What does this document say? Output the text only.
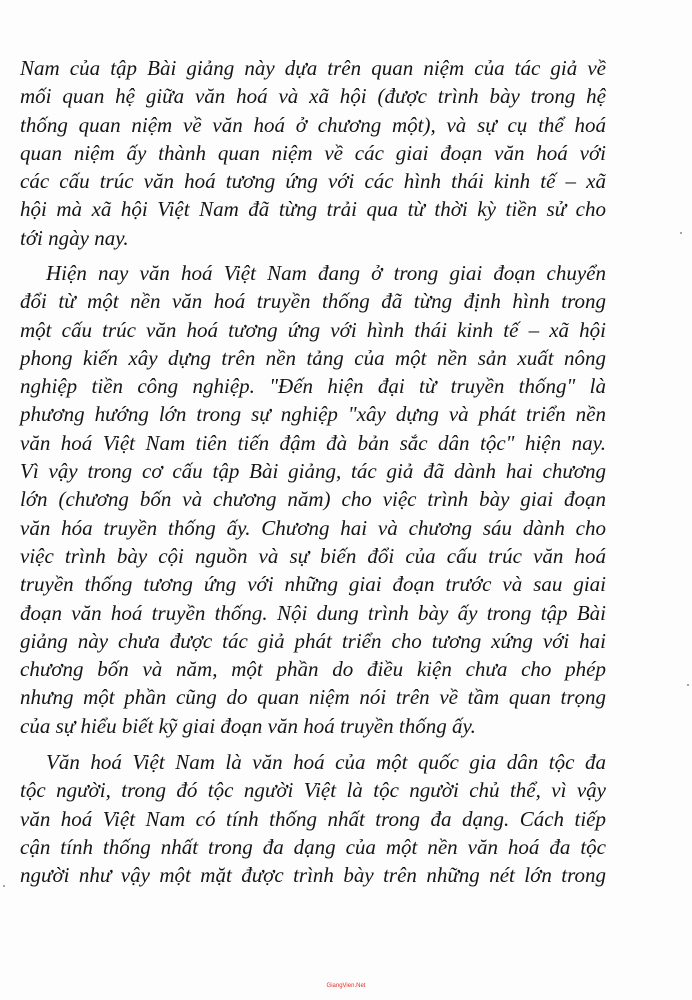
Nam của tập Bài giảng này dựa trên quan niệm của tác giả về
mối quan hệ giữa văn hoá và xã hội (được trình bày trong hệ
thống quan niệm về văn hoá ở chương một), và sự cụ thể hoá
quan niệm ấy thành quan niệm về các giai đoạn văn hoá với
các cấu trúc văn hoá tương ứng với các hình thái kinh tế – xã
hội mà xã hội Việt Nam đã từng trải qua từ thời kỳ tiền sử cho
tới ngày nay.
Hiện nay văn hoá Việt Nam đang ở trong giai đoạn chuyển
đổi từ một nền văn hoá truyền thống đã từng định hình trong
một cấu trúc văn hoá tương ứng với hình thái kinh tế – xã hội
phong kiến xây dựng trên nền tảng của một nền sản xuất nông
nghiệp tiền công nghiệp. "Đến hiện đại từ truyền thống" là
phương hướng lớn trong sự nghiệp "xây dựng và phát triển nền
văn hoá Việt Nam tiên tiến đậm đà bản sắc dân tộc" hiện nay.
Vì vậy trong cơ cấu tập Bài giảng, tác giả đã dành hai chương
lớn (chương bốn và chương năm) cho việc trình bày giai đoạn
văn hóa truyền thống ấy. Chương hai và chương sáu dành cho
việc trình bày cội nguồn và sự biến đổi của cấu trúc văn hoá
truyền thống tương ứng với những giai đoạn trước và sau giai
đoạn văn hoá truyền thống. Nội dung trình bày ấy trong tập Bài
giảng này chưa được tác giả phát triển cho tương xứng với hai
chương bốn và năm, một phần do điều kiện chưa cho phép
nhưng một phần cũng do quan niệm nói trên về tầm quan trọng
của sự hiểu biết kỹ giai đoạn văn hoá truyền thống ấy.
Văn hoá Việt Nam là văn hoá của một quốc gia dân tộc đa
tộc người, trong đó tộc người Việt là tộc người chủ thể, vì vậy
văn hoá Việt Nam có tính thống nhất trong đa dạng. Cách tiếp
cận tính thống nhất trong đa dạng của một nền văn hoá đa tộc
người như vậy một mặt được trình bày trên những nét lớn trong
GiangVien.Net
